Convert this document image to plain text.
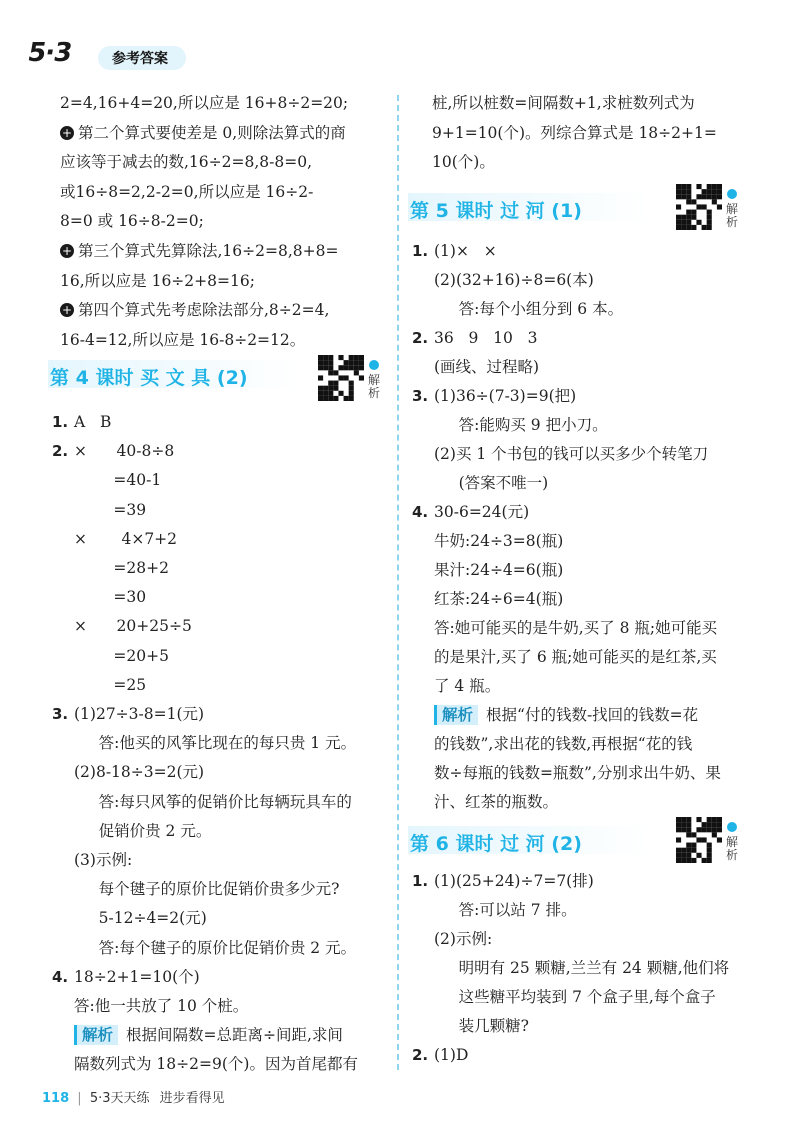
5·3	参考答案
2=4,16+4=20,所以应是 16+8÷2=20;
+ 第二个算式要使差是 0,则除法算式的商
应该等于减去的数,16÷2=8,8-8=0,
或16÷8=2,2-2=0,所以应是 16÷2-
8=0 或 16÷8-2=0;
+ 第三个算式先算除法,16÷2=8,8+8=
16,所以应是 16÷2+8=16;
+ 第四个算式先考虑除法部分,8÷2=4,
16-4=12,所以应是 16-8÷2=12。
第 4 课时 买 文 具 (2)	解析
1. A   B
2. ×      40-8÷8
=40-1
=39
×       4×7+2
=28+2
=30
×      20+25÷5
=20+5
=25
3. (1)27÷3-8=1(元)
答:他买的风筝比现在的每只贵 1 元。
(2)8-18÷3=2(元)
答:每只风筝的促销价比每辆玩具车的
促销价贵 2 元。
(3)示例:
每个毽子的原价比促销价贵多少元?
5-12÷4=2(元)
答:每个毽子的原价比促销价贵 2 元。
4. 18÷2+1=10(个)
答:他一共放了 10 个桩。
解析 根据间隔数=总距离÷间距,求间
隔数列式为 18÷2=9(个)。因为首尾都有
桩,所以桩数=间隔数+1,求桩数列式为
9+1=10(个)。列综合算式是 18÷2+1=
10(个)。
第 5 课时 过 河 (1)	解析
1. (1)×   ×
(2)(32+16)÷8=6(本)
答:每个小组分到 6 本。
2. 36   9   10   3
(画线、过程略)
3. (1)36÷(7-3)=9(把)
答:能购买 9 把小刀。
(2)买 1 个书包的钱可以买多少个转笔刀
(答案不唯一)
4. 30-6=24(元)
牛奶:24÷3=8(瓶)
果汁:24÷4=6(瓶)
红茶:24÷6=4(瓶)
答:她可能买的是牛奶,买了 8 瓶;她可能买
的是果汁,买了 6 瓶;她可能买的是红茶,买
了 4 瓶。
解析 根据“付的钱数-找回的钱数=花
的钱数”,求出花的钱数,再根据“花的钱
数÷每瓶的钱数=瓶数”,分别求出牛奶、果
汁、红茶的瓶数。
第 6 课时 过 河 (2)	解析
1. (1)(25+24)÷7=7(排)
答:可以站 7 排。
(2)示例:
明明有 25 颗糖,兰兰有 24 颗糖,他们将
这些糖平均装到 7 个盒子里,每个盒子
装几颗糖?
2. (1)D
118 | 5·3天天练 进步看得见
